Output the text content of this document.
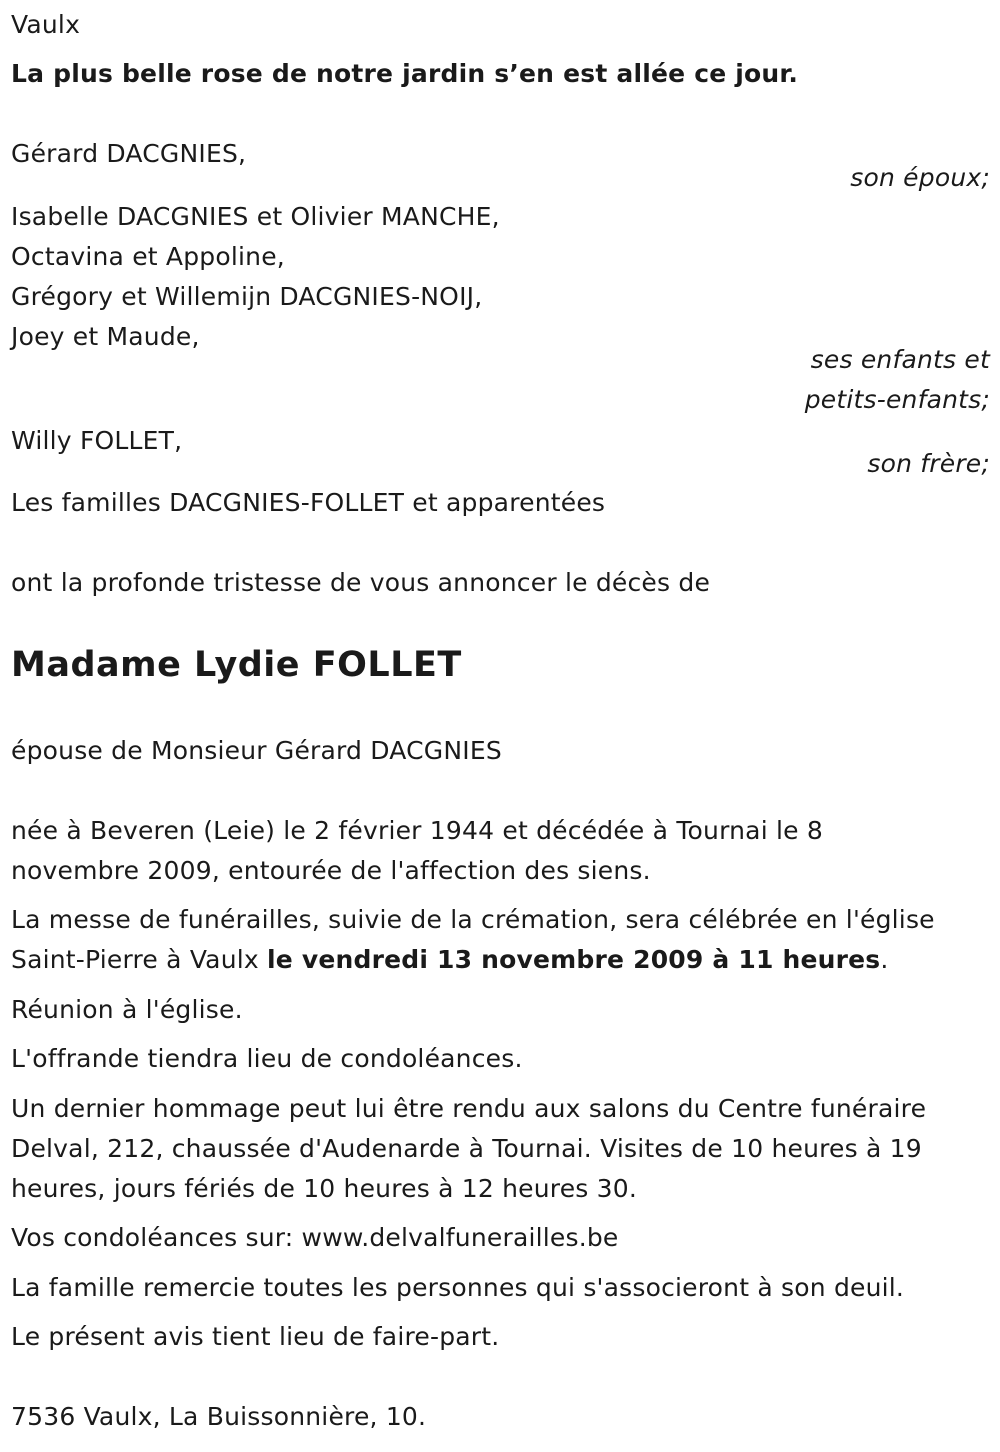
Vaulx
La plus belle rose de notre jardin s’en est allée ce jour.
Gérard DACGNIES,
son époux;
Isabelle DACGNIES et Olivier MANCHE,
Octavina et Appoline,
Grégory et Willemijn DACGNIES-NOIJ,
Joey et Maude,
ses enfants et
petits-enfants;
Willy FOLLET,
son frère;
Les familles DACGNIES-FOLLET et apparentées
ont la profonde tristesse de vous annoncer le décès de
Madame Lydie FOLLET
épouse de Monsieur Gérard DACGNIES
née à Beveren (Leie) le 2 février 1944 et décédée à Tournai le 8
novembre 2009, entourée de l'affection des siens.
La messe de funérailles, suivie de la crémation, sera célébrée en l'église
Saint-Pierre à Vaulx le vendredi 13 novembre 2009 à 11 heures.
Réunion à l'église.
L'offrande tiendra lieu de condoléances.
Un dernier hommage peut lui être rendu aux salons du Centre funéraire
Delval, 212, chaussée d'Audenarde à Tournai. Visites de 10 heures à 19
heures, jours fériés de 10 heures à 12 heures 30.
Vos condoléances sur: www.delvalfunerailles.be
La famille remercie toutes les personnes qui s'associeront à son deuil.
Le présent avis tient lieu de faire-part.
7536 Vaulx, La Buissonnière, 10.
